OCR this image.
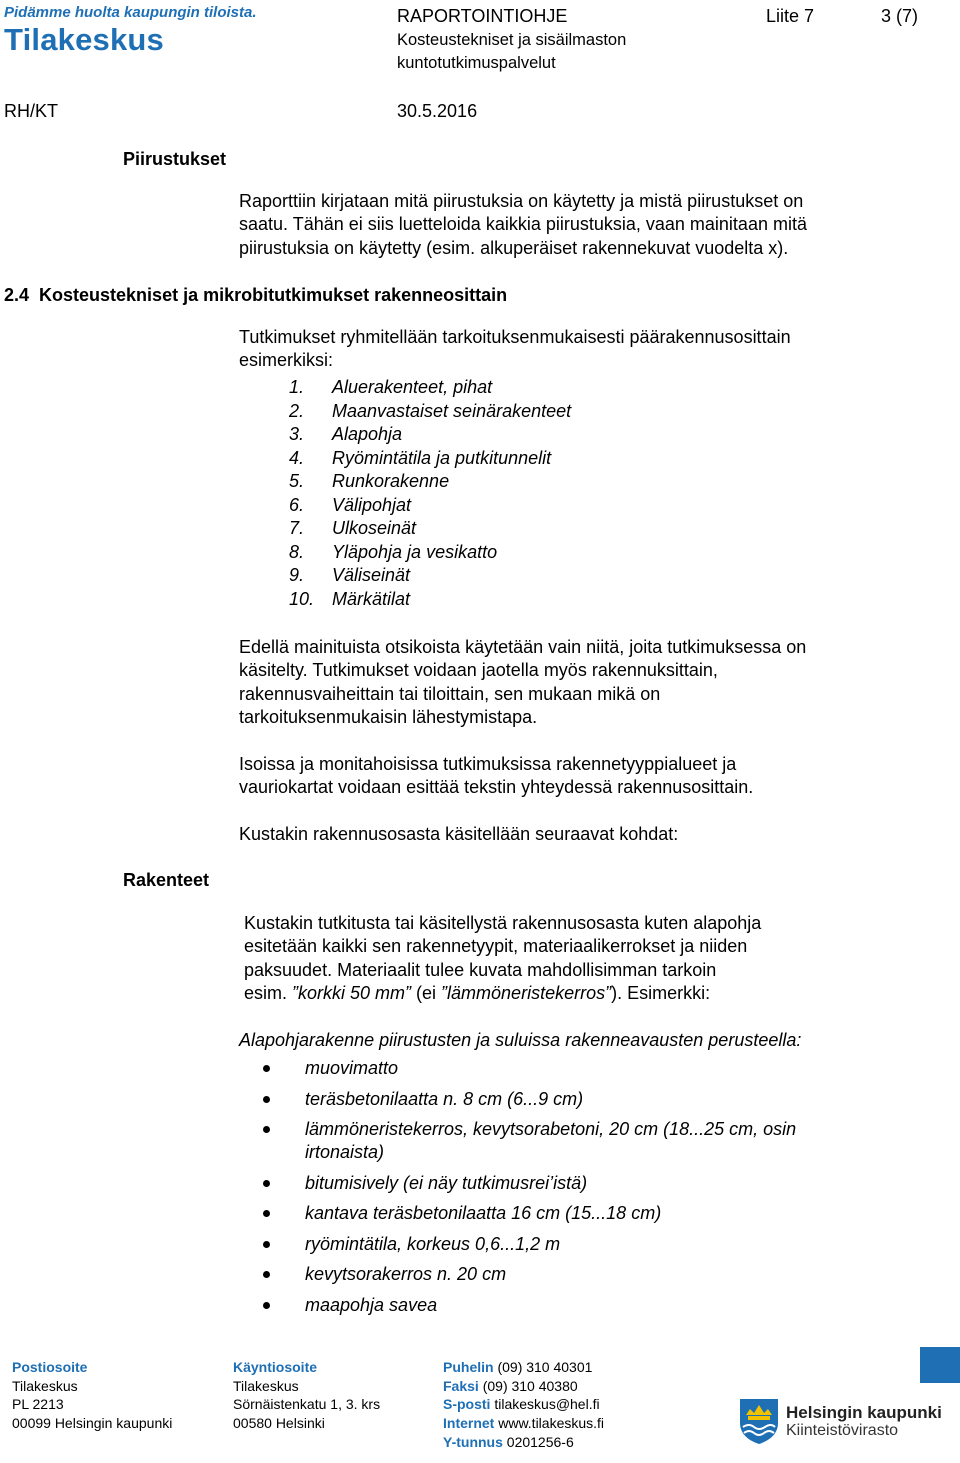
Pidämme huolta kaupungin tiloista.
Tilakeskus
RAPORTOINTIOHJE	Liite 7	3 (7)
Kosteustekniset ja sisäilmaston
kuntotutkimuspalvelut
RH/KT	30.5.2016
Piirustukset
Raporttiin kirjataan mitä piirustuksia on käytetty ja mistä piirustukset on
saatu. Tähän ei siis luetteloida kaikkia piirustuksia, vaan mainitaan mitä
piirustuksia on käytetty (esim. alkuperäiset rakennekuvat vuodelta x).
2.4  Kosteustekniset ja mikrobitutkimukset rakenneosittain
Tutkimukset ryhmitellään tarkoituksenmukaisesti päärakennusosittain
esimerkiksi:
1.	Aluerakenteet, pihat
2.	Maanvastaiset seinärakenteet
3.	Alapohja
4.	Ryömintätila ja putkitunnelit
5.	Runkorakenne
6.	Välipohjat
7.	Ulkoseinät
8.	Yläpohja ja vesikatto
9.	Väliseinät
10. Märkätilat
Edellä mainituista otsikoista käytetään vain niitä, joita tutkimuksessa on
käsitelty. Tutkimukset voidaan jaotella myös rakennuksittain,
rakennusvaiheittain tai tiloittain, sen mukaan mikä on
tarkoituksenmukaisin lähestymistapa.
Isoissa ja monitahoisissa tutkimuksissa rakennetyyppialueet ja
vauriokartat voidaan esittää tekstin yhteydessä rakennusosittain.
Kustakin rakennusosasta käsitellään seuraavat kohdat:
Rakenteet
Kustakin tutkitusta tai käsitellystä rakennusosasta kuten alapohja
esitetään kaikki sen rakennetyypit, materiaalikerrokset ja niiden
paksuudet. Materiaalit tulee kuvata mahdollisimman tarkoin
esim. ”korkki 50 mm” (ei ”lämmöneristekerros”). Esimerkki:
Alapohjarakenne piirustusten ja suluissa rakenneavausten perusteella:
muovimatto
teräsbetonilaatta n. 8 cm (6...9 cm)
lämmöneristekerros, kevytsorabetoni, 20 cm (18...25 cm, osin irtonaista)
bitumisively (ei näy tutkimusrei’istä)
kantava teräsbetonilaatta 16 cm (15...18 cm)
ryömintätila, korkeus 0,6...1,2 m
kevytsorakerros n. 20 cm
maapohja savea
Postiosoite
Tilakeskus
PL 2213
00099 Helsingin kaupunki
Käyntiosoite
Tilakeskus
Sörnäistenkatu 1, 3. krs
00580 Helsinki
Puhelin (09) 310 40301
Faksi (09) 310 40380
S-posti tilakeskus@hel.fi
Internet www.tilakeskus.fi
Y-tunnus 0201256-6
Helsingin kaupunki
Kiinteistövirasto
